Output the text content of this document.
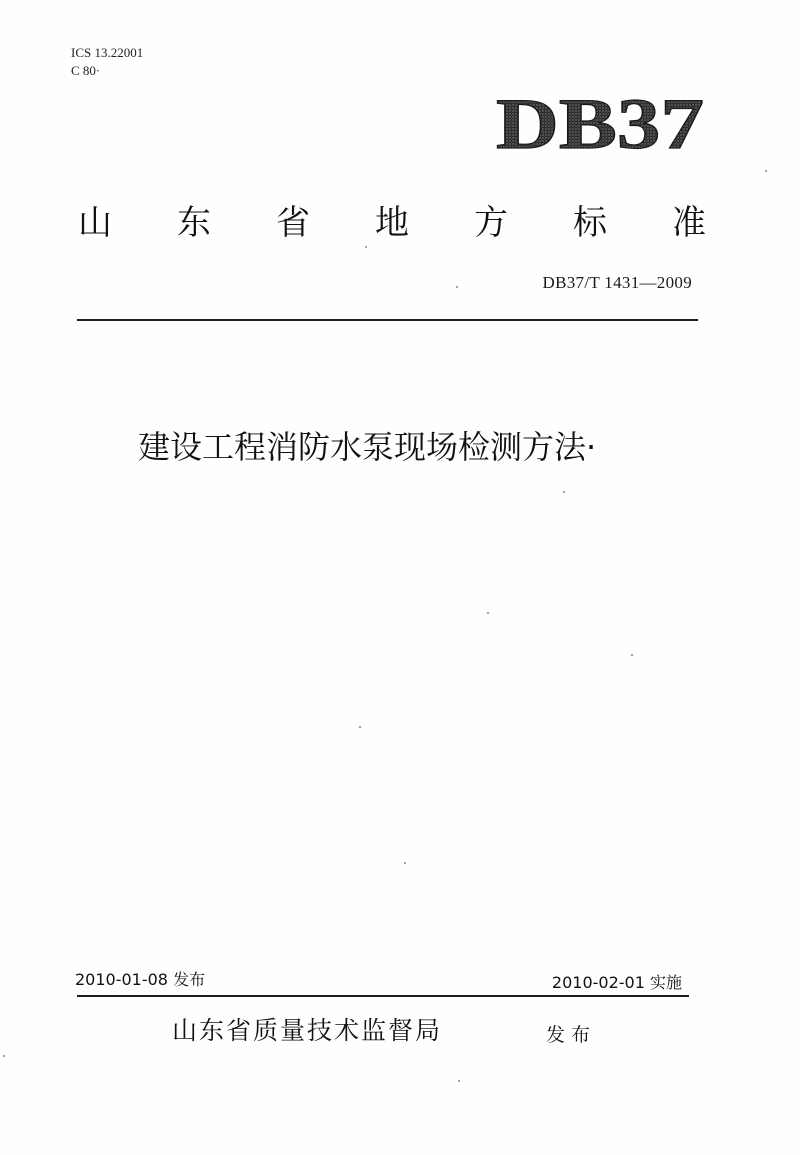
ICS 13.22001
C 80·
DB37
山 东 省 地 方 标 准
DB37/T 1431—2009
建设工程消防水泵现场检测方法·
2010-01-08 发布	2010-02-01 实施
山东省质量技术监督局	发布
